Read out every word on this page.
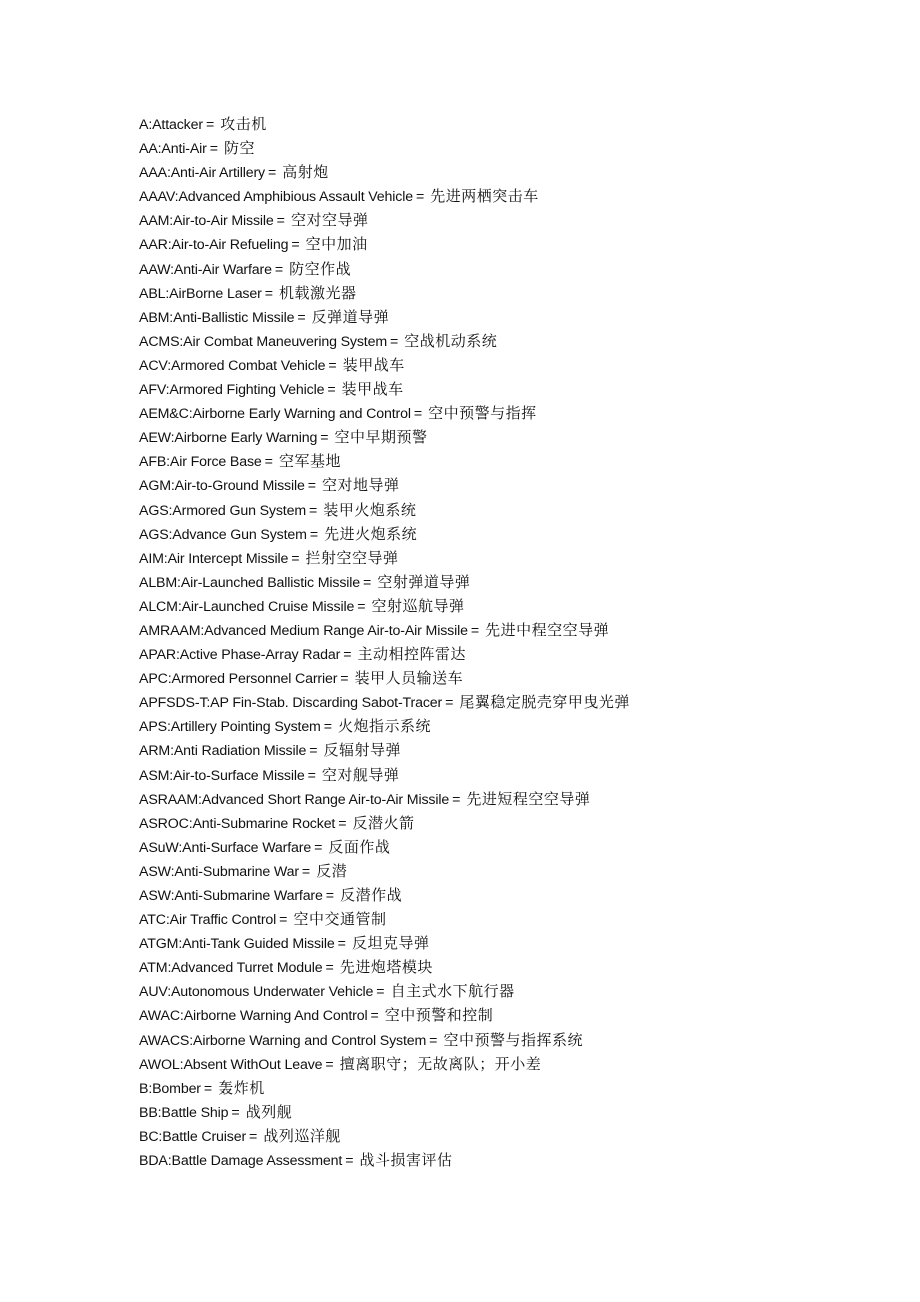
A:Attacker = 攻击机
AA:Anti-Air = 防空
AAA:Anti-Air Artillery = 高射炮
AAAV:Advanced Amphibious Assault Vehicle = 先进两栖突击车
AAM:Air-to-Air Missile = 空对空导弹
AAR:Air-to-Air Refueling = 空中加油
AAW:Anti-Air Warfare = 防空作战
ABL:AirBorne Laser = 机载激光器
ABM:Anti-Ballistic Missile = 反弹道导弹
ACMS:Air Combat Maneuvering System = 空战机动系统
ACV:Armored Combat Vehicle = 装甲战车
AFV:Armored Fighting Vehicle = 装甲战车
AEM&C:Airborne Early Warning and Control = 空中预警与指挥
AEW:Airborne Early Warning = 空中早期预警
AFB:Air Force Base = 空军基地
AGM:Air-to-Ground Missile = 空对地导弹
AGS:Armored Gun System = 装甲火炮系统
AGS:Advance Gun System = 先进火炮系统
AIM:Air Intercept Missile = 拦射空空导弹
ALBM:Air-Launched Ballistic Missile = 空射弹道导弹
ALCM:Air-Launched Cruise Missile = 空射巡航导弹
AMRAAM:Advanced Medium Range Air-to-Air Missile = 先进中程空空导弹
APAR:Active Phase-Array Radar = 主动相控阵雷达
APC:Armored Personnel Carrier = 装甲人员输送车
APFSDS-T:AP Fin-Stab. Discarding Sabot-Tracer = 尾翼稳定脱壳穿甲曳光弹
APS:Artillery Pointing System = 火炮指示系统
ARM:Anti Radiation Missile = 反辐射导弹
ASM:Air-to-Surface Missile = 空对舰导弹
ASRAAM:Advanced Short Range Air-to-Air Missile = 先进短程空空导弹
ASROC:Anti-Submarine Rocket = 反潜火箭
ASuW:Anti-Surface Warfare = 反面作战
ASW:Anti-Submarine War = 反潜
ASW:Anti-Submarine Warfare = 反潜作战
ATC:Air Traffic Control = 空中交通管制
ATGM:Anti-Tank Guided Missile = 反坦克导弹
ATM:Advanced Turret Module = 先进炮塔模块
AUV:Autonomous Underwater Vehicle = 自主式水下航行器
AWAC:Airborne Warning And Control = 空中预警和控制
AWACS:Airborne Warning and Control System = 空中预警与指挥系统
AWOL:Absent WithOut Leave = 擅离职守；无故离队；开小差
B:Bomber = 轰炸机
BB:Battle Ship = 战列舰
BC:Battle Cruiser = 战列巡洋舰
BDA:Battle Damage Assessment = 战斗损害评估
